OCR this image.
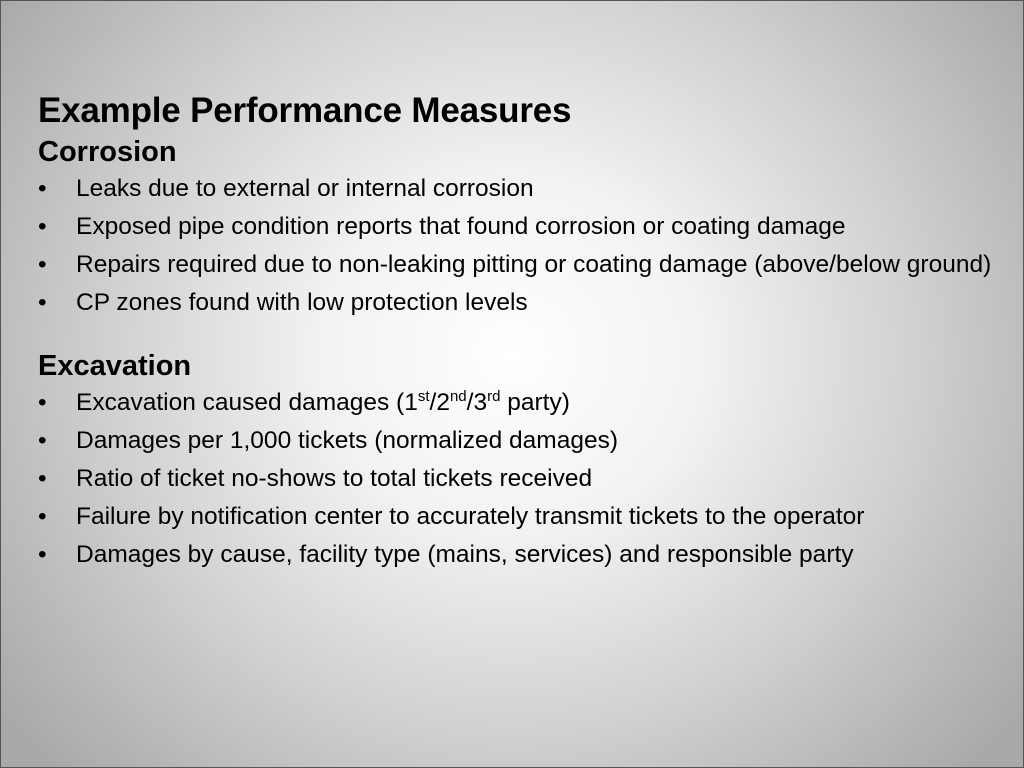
Example Performance Measures
Corrosion
•	Leaks due to external or internal corrosion
•	Exposed pipe condition reports that found corrosion or coating damage
•	Repairs required due to non-leaking pitting or coating damage (above/below ground)
•	CP zones found with low protection levels
Excavation
•	Excavation caused damages (1st/2nd/3rd party)
•	Damages per 1,000 tickets (normalized damages)
•	Ratio of ticket no-shows to total tickets received
•	Failure by notification center to accurately transmit tickets to the operator
•	Damages by cause, facility type (mains, services) and responsible party
